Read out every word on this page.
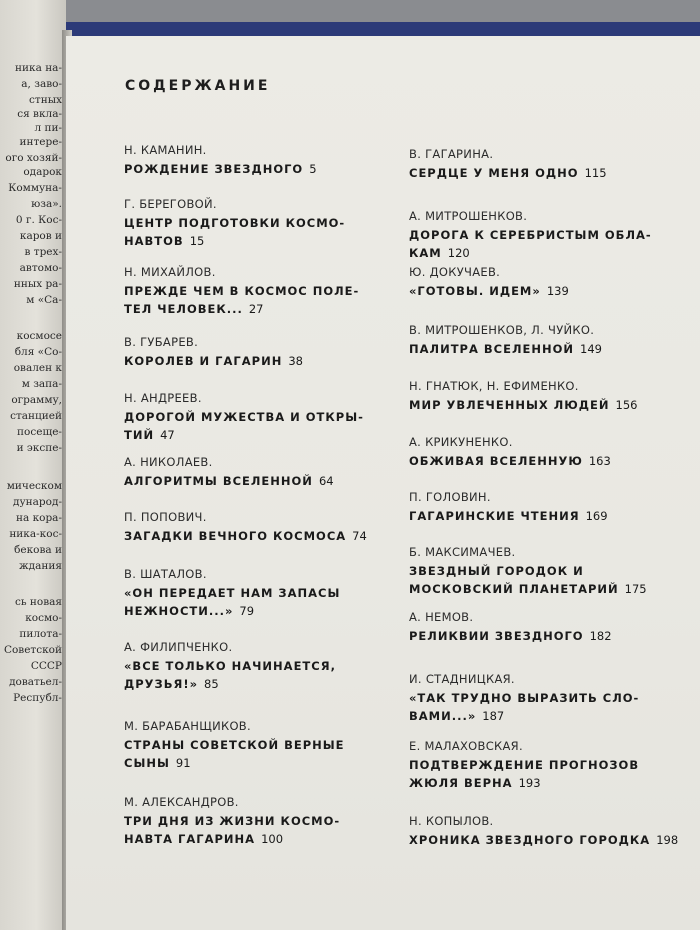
ника на-
а, заво-
стных
ся вкла-
л пи-
интере-
ого хозяй-
одарок
Коммуна-
юза».
0 г. Кос-
каров и
в трех-
автомо-
нных ра-
м «Са-
космосе
бля «Со-
овален к
м запа-
ограмму,
станцией
посеще-
и экспе-
мическом
дународ-
на кора-
ника-кос-
бекова и
ждания
сь новая
космо-
пилота-
Советской
СССР
доватьел-
Республ-
СОДЕРЖАНИЕ
Н. КАМАНИН.
РОЖДЕНИЕ ЗВЕЗДНОГО 5
Г. БЕРЕГОВОЙ.
ЦЕНТР ПОДГОТОВКИ КОСМО-
НАВТОВ 15
Н. МИХАЙЛОВ.
ПРЕЖДЕ ЧЕМ В КОСМОС ПОЛЕ-
ТЕЛ ЧЕЛОВЕК... 27
В. ГУБАРЕВ.
КОРОЛЕВ И ГАГАРИН 38
Н. АНДРЕЕВ.
ДОРОГОЙ МУЖЕСТВА И ОТКРЫ-
ТИЙ 47
А. НИКОЛАЕВ.
АЛГОРИТМЫ ВСЕЛЕННОЙ 64
П. ПОПОВИЧ.
ЗАГАДКИ ВЕЧНОГО КОСМОСА 74
В. ШАТАЛОВ.
«ОН ПЕРЕДАЕТ НАМ ЗАПАСЫ
НЕЖНОСТИ...» 79
А. ФИЛИПЧЕНКО.
«ВСЕ ТОЛЬКО НАЧИНАЕТСЯ,
ДРУЗЬЯ!» 85
М. БАРАБАНЩИКОВ.
СТРАНЫ СОВЕТСКОЙ ВЕРНЫЕ
СЫНЫ 91
М. АЛЕКСАНДРОВ.
ТРИ ДНЯ ИЗ ЖИЗНИ КОСМО-
НАВТА ГАГАРИНА 100
В. ГАГАРИНА.
СЕРДЦЕ У МЕНЯ ОДНО 115
А. МИТРОШЕНКОВ.
ДОРОГА К СЕРЕБРИСТЫМ ОБЛА-
КАМ 120
Ю. ДОКУЧАЕВ.
«ГОТОВЫ. ИДЕМ» 139
В. МИТРОШЕНКОВ, Л. ЧУЙКО.
ПАЛИТРА ВСЕЛЕННОЙ 149
Н. ГНАТЮК, Н. ЕФИМЕНКО.
МИР УВЛЕЧЕННЫХ ЛЮДЕЙ 156
А. КРИКУНЕНКО.
ОБЖИВАЯ ВСЕЛЕННУЮ 163
П. ГОЛОВИН.
ГАГАРИНСКИЕ ЧТЕНИЯ 169
Б. МАКСИМАЧЕВ.
ЗВЕЗДНЫЙ ГОРОДОК И
МОСКОВСКИЙ ПЛАНЕТАРИЙ 175
А. НЕМОВ.
РЕЛИКВИИ ЗВЕЗДНОГО 182
И. СТАДНИЦКАЯ.
«ТАК ТРУДНО ВЫРАЗИТЬ СЛО-
ВАМИ...» 187
Е. МАЛАХОВСКАЯ.
ПОДТВЕРЖДЕНИЕ ПРОГНОЗОВ
ЖЮЛЯ ВЕРНА 193
Н. КОПЫЛОВ.
ХРОНИКА ЗВЕЗДНОГО ГОРОДКА 198
